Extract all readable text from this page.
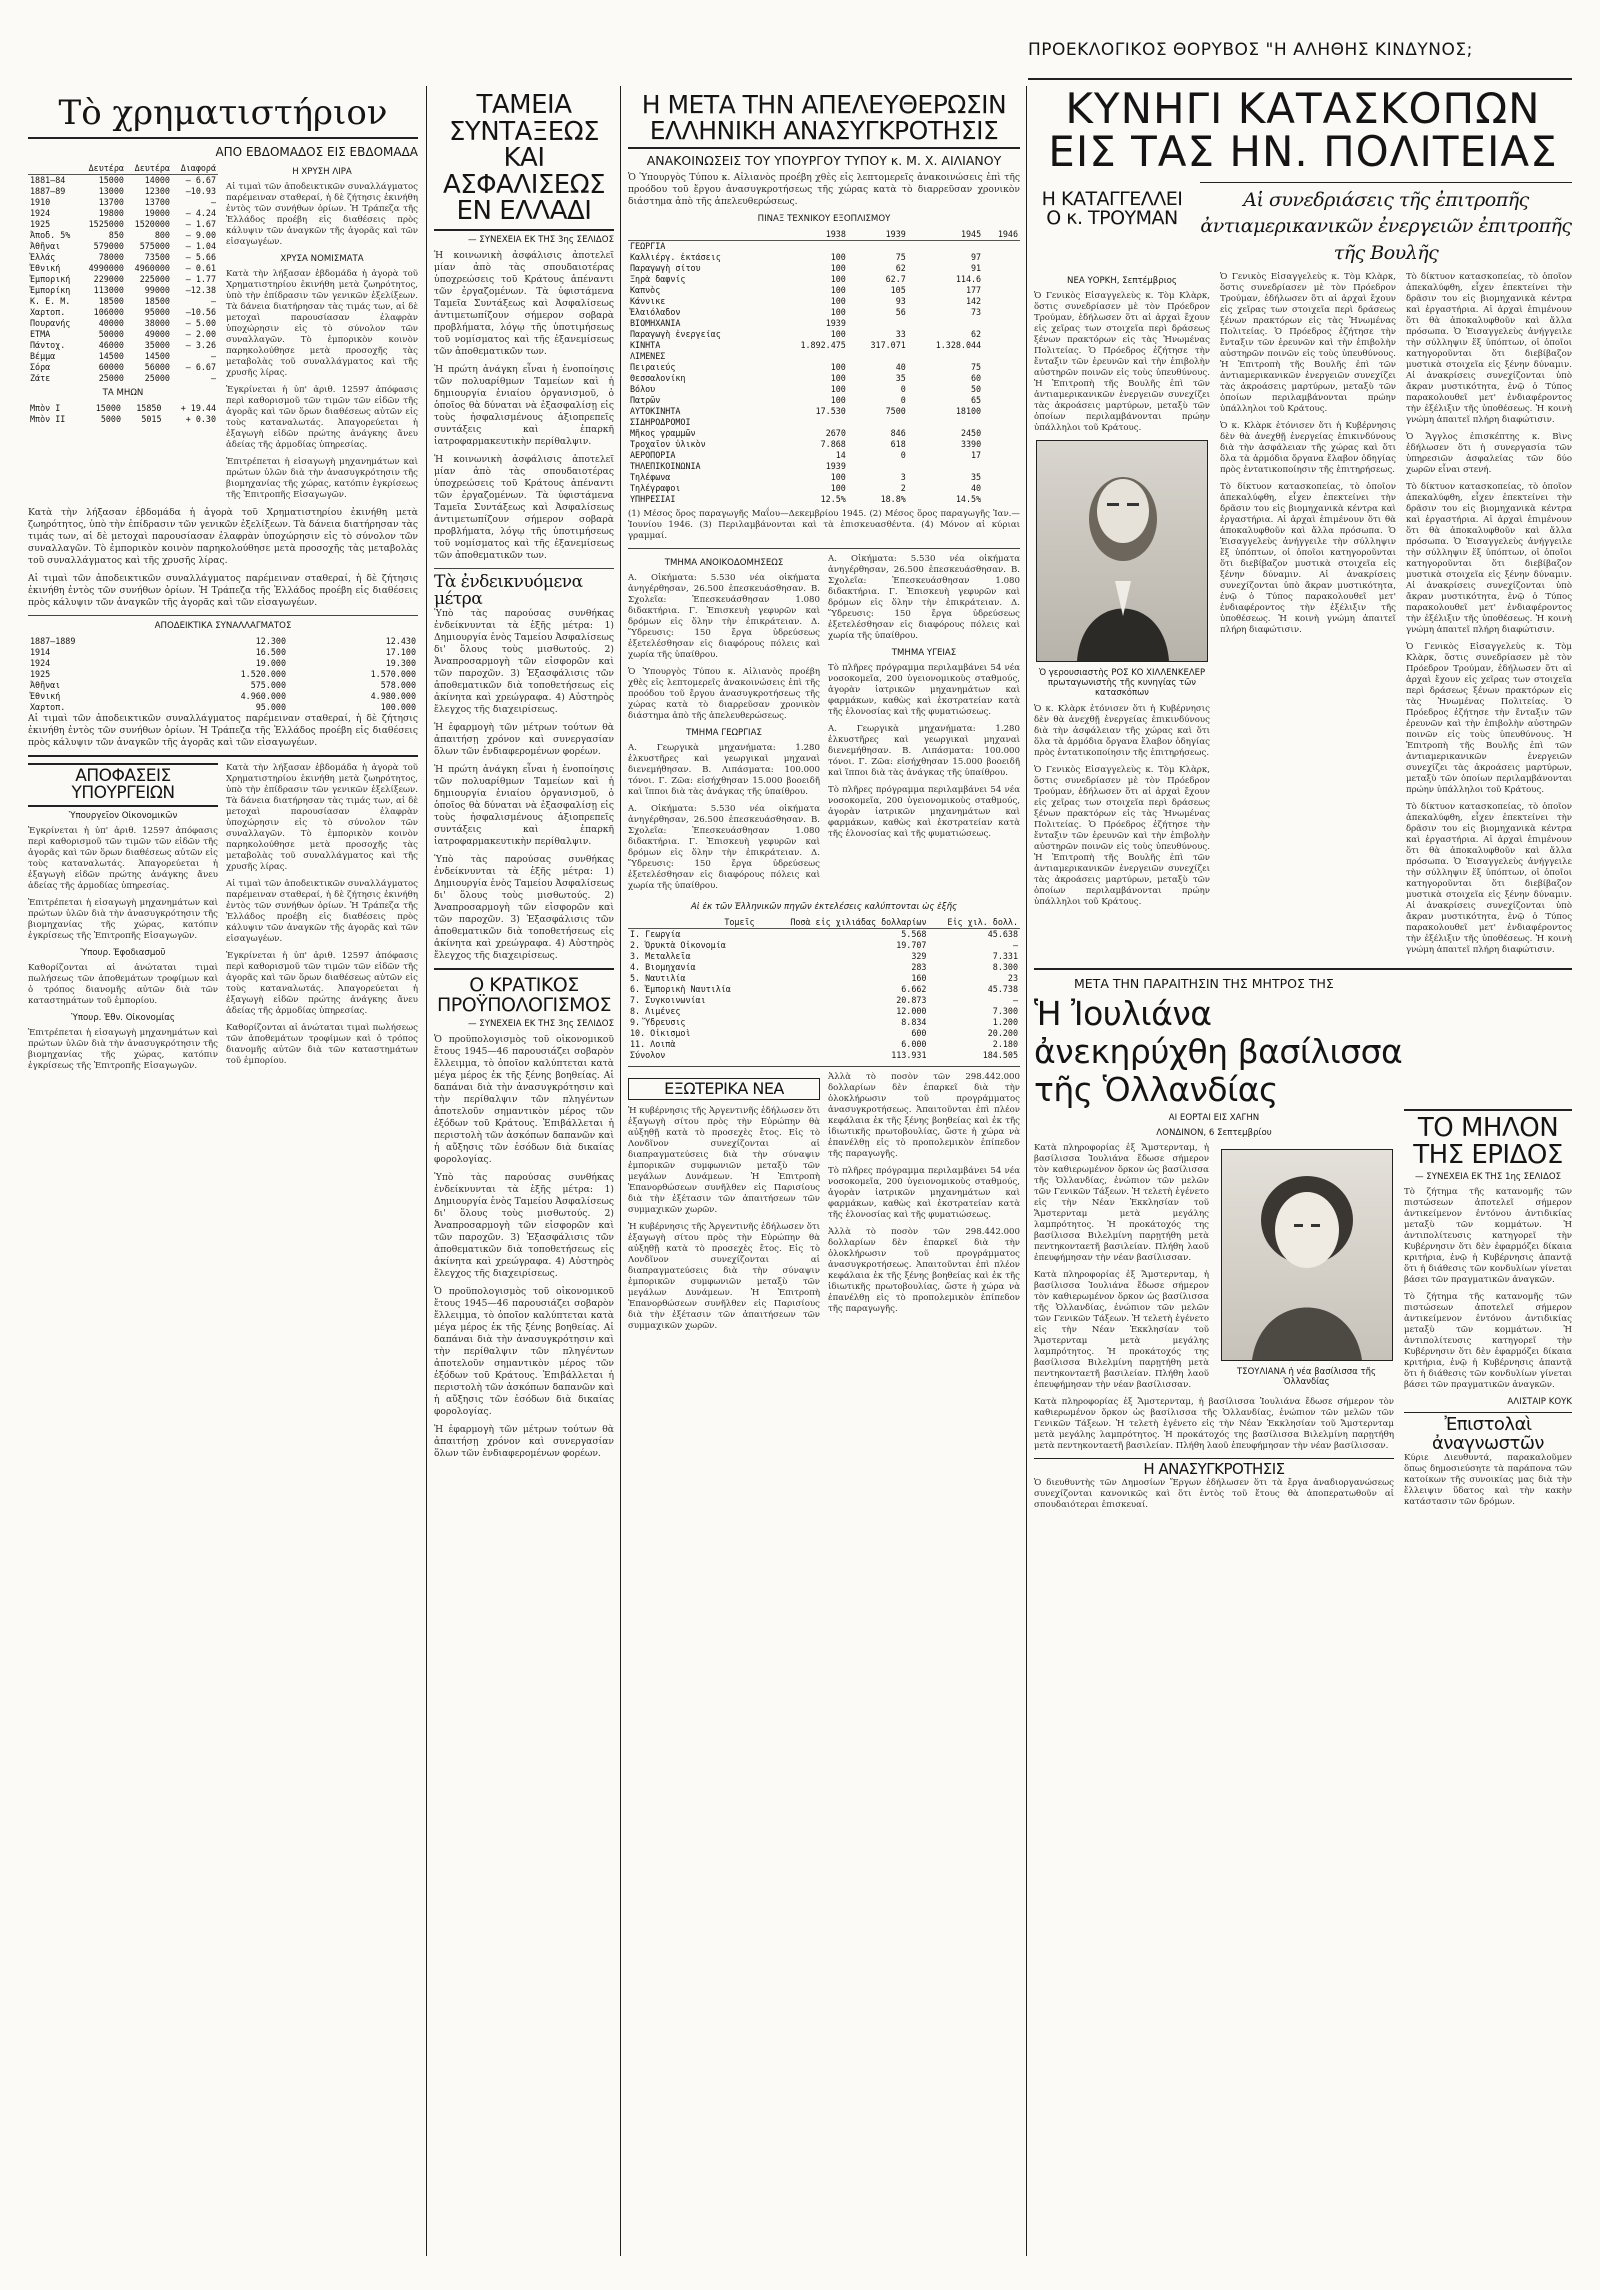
ΠΡΟΕΚΛΟΓΙΚΟΣ ΘΟΡΥΒΟΣ "Η ΑΛΗΘΗΣ ΚΙΝΔΥΝΟΣ;
Τὸ χρηματιστήριον
ΑΠΟ ΕΒΔΟΜΑΔΟΣ ΕΙΣ ΕΒΔΟΜΑΔΑ
	Δευτέρα	Δευτέρα	Διαφορά
1881—84	15000	14000	— 6.67
1887—89	13000	12300	—10.93
1910	13700	13700	—
1924	19800	19000	— 4.24
1925	1525000	1520000	— 1.67
Ἀποδ. 5%	850	800	— 9.00
Ἀθῆναι	579000	575000	— 1.04
Ἑλλάς	78000	73500	— 5.66
Ἐθνική	4990000	4960000	— 0.61
Ἐμπορική	229000	225000	— 1.77
Ἐμπορίκη	113000	99000	—12.38
Κ. Ε. Μ.	18500	18500	—
Χαρτοπ.	106000	95000	—10.56
Πουρανής	40000	38000	— 5.00
ΕΤΜΑ	50000	49000	— 2.00
Πάντοχ.	46000	35000	— 3.26
Βέμμα	14500	14500	—
Σόρα	60000	56000	— 6.67
Ζάτε	25000	25000	—
ΤΑ ΜΗΩΝ
Μπὸν Ι	15000	15850	+ 19.44
Μπὸν ΙΙ	5000	5015	+ 0.30
Η ΧΡΥΣΗ ΛΙΡΑ

Αἱ τιμαὶ τῶν ἀποδεικτικῶν συναλλάγματος παρέμειναν σταθεραί, ἡ δὲ ζήτησις ἐκινήθη ἐντὸς τῶν συνήθων ὁρίων. Ἡ Τράπεζα τῆς Ἑλλάδος προέβη εἰς διαθέσεις πρὸς κάλυψιν τῶν ἀναγκῶν τῆς ἀγορᾶς καὶ τῶν εἰσαγωγέων.

ΧΡΥΣΑ ΝΟΜΙΣΜΑΤΑ

Κατὰ τὴν λήξασαν ἑβδομάδα ἡ ἀγορὰ τοῦ Χρηματιστηρίου ἐκινήθη μετὰ ζωηρότητος, ὑπὸ τὴν ἐπίδρασιν τῶν γενικῶν ἐξελίξεων. Τὰ δάνεια διατήρησαν τὰς τιμάς των, αἱ δὲ μετοχαὶ παρουσίασαν ἐλαφρὰν ὑποχώρησιν εἰς τὸ σύνολον τῶν συναλλαγῶν. Τὸ ἐμπορικὸν κοινὸν παρηκολούθησε μετὰ προσοχῆς τὰς μεταβολὰς τοῦ συναλλάγματος καὶ τῆς χρυσῆς λίρας.

Ἐγκρίνεται ἡ ὑπ' ἀριθ. 12597 ἀπόφασις περὶ καθορισμοῦ τῶν τιμῶν τῶν εἰδῶν τῆς ἀγορᾶς καὶ τῶν ὅρων διαθέσεως αὐτῶν εἰς τοὺς καταναλωτάς. Ἀπαγορεύεται ἡ ἐξαγωγὴ εἰδῶν πρώτης ἀνάγκης ἄνευ ἀδείας τῆς ἁρμοδίας ὑπηρεσίας.

Ἐπιτρέπεται ἡ εἰσαγωγὴ μηχανημάτων καὶ πρώτων ὑλῶν διὰ τὴν ἀνασυγκρότησιν τῆς βιομηχανίας τῆς χώρας, κατόπιν ἐγκρίσεως τῆς Ἐπιτροπῆς Εἰσαγωγῶν.

Κατὰ τὴν λήξασαν ἑβδομάδα ἡ ἀγορὰ τοῦ Χρηματιστηρίου ἐκινήθη μετὰ ζωηρότητος, ὑπὸ τὴν ἐπίδρασιν τῶν γενικῶν ἐξελίξεων. Τὰ δάνεια διατήρησαν τὰς τιμάς των, αἱ δὲ μετοχαὶ παρουσίασαν ἐλαφρὰν ὑποχώρησιν εἰς τὸ σύνολον τῶν συναλλαγῶν. Τὸ ἐμπορικὸν κοινὸν παρηκολούθησε μετὰ προσοχῆς τὰς μεταβολὰς τοῦ συναλλάγματος καὶ τῆς χρυσῆς λίρας.

Αἱ τιμαὶ τῶν ἀποδεικτικῶν συναλλάγματος παρέμειναν σταθεραί, ἡ δὲ ζήτησις ἐκινήθη ἐντὸς τῶν συνήθων ὁρίων. Ἡ Τράπεζα τῆς Ἑλλάδος προέβη εἰς διαθέσεις πρὸς κάλυψιν τῶν ἀναγκῶν τῆς ἀγορᾶς καὶ τῶν εἰσαγωγέων.

ΑΠΟΔΕΙΚΤΙΚΑ ΣΥΝΑΛΛΑΓΜΑΤΟΣ
1887—1889	12.300	12.430
1914	16.500	17.100
1924	19.000	19.300
1925	1.520.000	1.570.000
Ἀθῆναι	575.000	578.000
Ἐθνική	4.960.000	4.980.000
Χαρτοπ.	95.000	100.000

Αἱ τιμαὶ τῶν ἀποδεικτικῶν συναλλάγματος παρέμειναν σταθεραί, ἡ δὲ ζήτησις ἐκινήθη ἐντὸς τῶν συνήθων ὁρίων. Ἡ Τράπεζα τῆς Ἑλλάδος προέβη εἰς διαθέσεις πρὸς κάλυψιν τῶν ἀναγκῶν τῆς ἀγορᾶς καὶ τῶν εἰσαγωγέων.

ΑΠΟΦΑΣΕΙΣ ΥΠΟΥΡΓΕΙΩΝ
Ὑπουργεῖον Οἰκονομικῶν

Ἐγκρίνεται ἡ ὑπ' ἀριθ. 12597 ἀπόφασις περὶ καθορισμοῦ τῶν τιμῶν τῶν εἰδῶν τῆς ἀγορᾶς καὶ τῶν ὅρων διαθέσεως αὐτῶν εἰς τοὺς καταναλωτάς. Ἀπαγορεύεται ἡ ἐξαγωγὴ εἰδῶν πρώτης ἀνάγκης ἄνευ ἀδείας τῆς ἁρμοδίας ὑπηρεσίας.

Ἐπιτρέπεται ἡ εἰσαγωγὴ μηχανημάτων καὶ πρώτων ὑλῶν διὰ τὴν ἀνασυγκρότησιν τῆς βιομηχανίας τῆς χώρας, κατόπιν ἐγκρίσεως τῆς Ἐπιτροπῆς Εἰσαγωγῶν.

Ὑπουρ. Ἐφοδιασμοῦ

Καθορίζονται αἱ ἀνώταται τιμαὶ πωλήσεως τῶν ἀποθεμάτων τροφίμων καὶ ὁ τρόπος διανομῆς αὐτῶν διὰ τῶν καταστημάτων τοῦ ἐμπορίου.

Ὑπουρ. Ἐθν. Οἰκονομίας

Ἐπιτρέπεται ἡ εἰσαγωγὴ μηχανημάτων καὶ πρώτων ὑλῶν διὰ τὴν ἀνασυγκρότησιν τῆς βιομηχανίας τῆς χώρας, κατόπιν ἐγκρίσεως τῆς Ἐπιτροπῆς Εἰσαγωγῶν.

Κατὰ τὴν λήξασαν ἑβδομάδα ἡ ἀγορὰ τοῦ Χρηματιστηρίου ἐκινήθη μετὰ ζωηρότητος, ὑπὸ τὴν ἐπίδρασιν τῶν γενικῶν ἐξελίξεων. Τὰ δάνεια διατήρησαν τὰς τιμάς των, αἱ δὲ μετοχαὶ παρουσίασαν ἐλαφρὰν ὑποχώρησιν εἰς τὸ σύνολον τῶν συναλλαγῶν. Τὸ ἐμπορικὸν κοινὸν παρηκολούθησε μετὰ προσοχῆς τὰς μεταβολὰς τοῦ συναλλάγματος καὶ τῆς χρυσῆς λίρας.

Αἱ τιμαὶ τῶν ἀποδεικτικῶν συναλλάγματος παρέμειναν σταθεραί, ἡ δὲ ζήτησις ἐκινήθη ἐντὸς τῶν συνήθων ὁρίων. Ἡ Τράπεζα τῆς Ἑλλάδος προέβη εἰς διαθέσεις πρὸς κάλυψιν τῶν ἀναγκῶν τῆς ἀγορᾶς καὶ τῶν εἰσαγωγέων.

Ἐγκρίνεται ἡ ὑπ' ἀριθ. 12597 ἀπόφασις περὶ καθορισμοῦ τῶν τιμῶν τῶν εἰδῶν τῆς ἀγορᾶς καὶ τῶν ὅρων διαθέσεως αὐτῶν εἰς τοὺς καταναλωτάς. Ἀπαγορεύεται ἡ ἐξαγωγὴ εἰδῶν πρώτης ἀνάγκης ἄνευ ἀδείας τῆς ἁρμοδίας ὑπηρεσίας.

Καθορίζονται αἱ ἀνώταται τιμαὶ πωλήσεως τῶν ἀποθεμάτων τροφίμων καὶ ὁ τρόπος διανομῆς αὐτῶν διὰ τῶν καταστημάτων τοῦ ἐμπορίου.

ΤΑΜΕΙΑ ΣΥΝΤΑΞΕΩΣ ΚΑΙ ΑΣΦΑΛΙΣΕΩΣ ΕΝ ΕΛΛΑΔΙ
— ΣΥΝΕΧΕΙΑ ΕΚ ΤΗΣ 3ης ΣΕΛΙΔΟΣ

Ἡ κοινωνικὴ ἀσφάλισις ἀποτελεῖ μίαν ἀπὸ τὰς σπουδαιοτέρας ὑποχρεώσεις τοῦ Κράτους ἀπέναντι τῶν ἐργαζομένων. Τὰ ὑφιστάμενα Ταμεῖα Συντάξεως καὶ Ἀσφαλίσεως ἀντιμετωπίζουν σήμερον σοβαρὰ προβλήματα, λόγῳ τῆς ὑποτιμήσεως τοῦ νομίσματος καὶ τῆς ἐξανεμίσεως τῶν ἀποθεματικῶν των.

Ἡ πρώτη ἀνάγκη εἶναι ἡ ἐνοποίησις τῶν πολυαρίθμων Ταμείων καὶ ἡ δημιουργία ἑνιαίου ὀργανισμοῦ, ὁ ὁποῖος θὰ δύναται νὰ ἐξασφαλίσῃ εἰς τοὺς ἠσφαλισμένους ἀξιοπρεπεῖς συντάξεις καὶ ἐπαρκῆ ἰατροφαρμακευτικὴν περίθαλψιν.

Ἡ κοινωνικὴ ἀσφάλισις ἀποτελεῖ μίαν ἀπὸ τὰς σπουδαιοτέρας ὑποχρεώσεις τοῦ Κράτους ἀπέναντι τῶν ἐργαζομένων. Τὰ ὑφιστάμενα Ταμεῖα Συντάξεως καὶ Ἀσφαλίσεως ἀντιμετωπίζουν σήμερον σοβαρὰ προβλήματα, λόγῳ τῆς ὑποτιμήσεως τοῦ νομίσματος καὶ τῆς ἐξανεμίσεως τῶν ἀποθεματικῶν των.

Τὰ ἐνδεικνυόμενα μέτρα

Ὑπὸ τὰς παρούσας συνθήκας ἐνδείκνυνται τὰ ἑξῆς μέτρα: 1) Δημιουργία ἑνὸς Ταμείου Ἀσφαλίσεως δι' ὅλους τοὺς μισθωτούς. 2) Ἀναπροσαρμογὴ τῶν εἰσφορῶν καὶ τῶν παροχῶν. 3) Ἐξασφάλισις τῶν ἀποθεματικῶν διὰ τοποθετήσεως εἰς ἀκίνητα καὶ χρεώγραφα. 4) Αὐστηρὸς ἔλεγχος τῆς διαχειρίσεως.

Ἡ ἐφαρμογὴ τῶν μέτρων τούτων θὰ ἀπαιτήσῃ χρόνον καὶ συνεργασίαν ὅλων τῶν ἐνδιαφερομένων φορέων.

Ἡ πρώτη ἀνάγκη εἶναι ἡ ἐνοποίησις τῶν πολυαρίθμων Ταμείων καὶ ἡ δημιουργία ἑνιαίου ὀργανισμοῦ, ὁ ὁποῖος θὰ δύναται νὰ ἐξασφαλίσῃ εἰς τοὺς ἠσφαλισμένους ἀξιοπρεπεῖς συντάξεις καὶ ἐπαρκῆ ἰατροφαρμακευτικὴν περίθαλψιν.

Ὑπὸ τὰς παρούσας συνθήκας ἐνδείκνυνται τὰ ἑξῆς μέτρα: 1) Δημιουργία ἑνὸς Ταμείου Ἀσφαλίσεως δι' ὅλους τοὺς μισθωτούς. 2) Ἀναπροσαρμογὴ τῶν εἰσφορῶν καὶ τῶν παροχῶν. 3) Ἐξασφάλισις τῶν ἀποθεματικῶν διὰ τοποθετήσεως εἰς ἀκίνητα καὶ χρεώγραφα. 4) Αὐστηρὸς ἔλεγχος τῆς διαχειρίσεως.

Ο ΚΡΑΤΙΚΟΣ ΠΡΟΫΠΟΛΟΓΙΣΜΟΣ
— ΣΥΝΕΧΕΙΑ ΕΚ ΤΗΣ 3ης ΣΕΛΙΔΟΣ

Ὁ προϋπολογισμὸς τοῦ οἰκονομικοῦ ἔτους 1945—46 παρουσιάζει σοβαρὸν ἔλλειμμα, τὸ ὁποῖον καλύπτεται κατὰ μέγα μέρος ἐκ τῆς ξένης βοηθείας. Αἱ δαπάναι διὰ τὴν ἀνασυγκρότησιν καὶ τὴν περίθαλψιν τῶν πληγέντων ἀποτελοῦν σημαντικὸν μέρος τῶν ἐξόδων τοῦ Κράτους. Ἐπιβάλλεται ἡ περιστολὴ τῶν ἀσκόπων δαπανῶν καὶ ἡ αὔξησις τῶν ἐσόδων διὰ δικαίας φορολογίας.

Ὑπὸ τὰς παρούσας συνθήκας ἐνδείκνυνται τὰ ἑξῆς μέτρα: 1) Δημιουργία ἑνὸς Ταμείου Ἀσφαλίσεως δι' ὅλους τοὺς μισθωτούς. 2) Ἀναπροσαρμογὴ τῶν εἰσφορῶν καὶ τῶν παροχῶν. 3) Ἐξασφάλισις τῶν ἀποθεματικῶν διὰ τοποθετήσεως εἰς ἀκίνητα καὶ χρεώγραφα. 4) Αὐστηρὸς ἔλεγχος τῆς διαχειρίσεως.

Ὁ προϋπολογισμὸς τοῦ οἰκονομικοῦ ἔτους 1945—46 παρουσιάζει σοβαρὸν ἔλλειμμα, τὸ ὁποῖον καλύπτεται κατὰ μέγα μέρος ἐκ τῆς ξένης βοηθείας. Αἱ δαπάναι διὰ τὴν ἀνασυγκρότησιν καὶ τὴν περίθαλψιν τῶν πληγέντων ἀποτελοῦν σημαντικὸν μέρος τῶν ἐξόδων τοῦ Κράτους. Ἐπιβάλλεται ἡ περιστολὴ τῶν ἀσκόπων δαπανῶν καὶ ἡ αὔξησις τῶν ἐσόδων διὰ δικαίας φορολογίας.

Ἡ ἐφαρμογὴ τῶν μέτρων τούτων θὰ ἀπαιτήσῃ χρόνον καὶ συνεργασίαν ὅλων τῶν ἐνδιαφερομένων φορέων.

Η ΜΕΤΑ ΤΗΝ ΑΠΕΛΕΥΘΕΡΩΣΙΝ ΕΛΛΗΝΙΚΗ ΑΝΑΣΥΓΚΡΟΤΗΣΙΣ
ΑΝΑΚΟΙΝΩΣΕΙΣ ΤΟΥ ΥΠΟΥΡΓΟΥ ΤΥΠΟΥ κ. Μ. Χ. ΑΙΛΙΑΝΟΥ

Ὁ Ὑπουργὸς Τύπου κ. Αἰλιανὸς προέβη χθὲς εἰς λεπτομερεῖς ἀνακοινώσεις ἐπὶ τῆς προόδου τοῦ ἔργου ἀνασυγκροτήσεως τῆς χώρας κατὰ τὸ διαρρεῦσαν χρονικὸν διάστημα ἀπὸ τῆς ἀπελευθερώσεως.

ΠΙΝΑΞ ΤΕΧΝΙΚΟΥ ΕΞΟΠΛΙΣΜΟΥ
	1938	1939	1945	1946
ΓΕΩΡΓΙΑ				
Καλλιέργ. ἐκτάσεις	100	75	97	
Παραγωγὴ σίτου	100	62	91	
Ξηρὰ δαφνίς	100	62.7	114.6	
Καπνὸς	100	105	177	
Κάννικε	100	93	142	
Ἐλαιόλαδον	100	56	73	
ΒΙΟΜΗΧΑΝΙΑ	1939			
Παραγωγὴ ἐνεργείας	100	33	62	
ΚΙΝΗΤΑ	1.892.475	317.071	1.328.044	
ΛΙΜΕΝΕΣ				
Πειραιεύς	100	40	75	
Θεσσαλονίκη	100	35	60	
Βόλου	100	0	50	
Πατρῶν	100	0	65	
ΑΥΤΟΚΙΝΗΤΑ	17.530	7500	18100	
ΣΙΔΗΡΟΔΡΟΜΟΙ				
Μῆκος γραμμῶν	2670	846	2450	
Τροχαῖον ὑλικὸν	7.868	618	3390	
ΑΕΡΟΠΟΡΙΑ	14	0	17	
ΤΗΛΕΠΙΚΟΙΝΩΝΙΑ	1939			
Τηλέφωνα	100	3	35	
Τηλέγραφοι	100	2	40	
ΥΠΗΡΕΣΙΑΙ	12.5%	18.8%	14.5%	

(1) Μέσος ὅρος παραγωγῆς Μαΐου—Δεκεμβρίου 1945. (2) Μέσος ὅρος παραγωγῆς Ἰαν.—Ἰουνίου 1946. (3) Περιλαμβάνονται καὶ τὰ ἐπισκευασθέντα. (4) Μόνον αἱ κύριαι γραμμαί.

ΤΜΗΜΑ ΑΝΟΙΚΟΔΟΜΗΣΕΩΣ

Α. Οἰκήματα: 5.530 νέα οἰκήματα ἀνηγέρθησαν, 26.500 ἐπεσκευάσθησαν. Β. Σχολεῖα: Ἐπεσκευάσθησαν 1.080 διδακτήρια. Γ. Ἐπισκευὴ γεφυρῶν καὶ δρόμων εἰς ὅλην τὴν ἐπικράτειαν. Δ. Ὕδρευσις: 150 ἔργα ὑδρεύσεως ἐξετελέσθησαν εἰς διαφόρους πόλεις καὶ χωρία τῆς ὑπαίθρου.

Ὁ Ὑπουργὸς Τύπου κ. Αἰλιανὸς προέβη χθὲς εἰς λεπτομερεῖς ἀνακοινώσεις ἐπὶ τῆς προόδου τοῦ ἔργου ἀνασυγκροτήσεως τῆς χώρας κατὰ τὸ διαρρεῦσαν χρονικὸν διάστημα ἀπὸ τῆς ἀπελευθερώσεως.

ΤΜΗΜΑ ΓΕΩΡΓΙΑΣ

Α. Γεωργικὰ μηχανήματα: 1.280 ἐλκυστῆρες καὶ γεωργικαὶ μηχαναὶ διενεμήθησαν. Β. Λιπάσματα: 100.000 τόνοι. Γ. Ζῶα: εἰσήχθησαν 15.000 βοοειδῆ καὶ ἵπποι διὰ τὰς ἀνάγκας τῆς ὑπαίθρου.

Α. Οἰκήματα: 5.530 νέα οἰκήματα ἀνηγέρθησαν, 26.500 ἐπεσκευάσθησαν. Β. Σχολεῖα: Ἐπεσκευάσθησαν 1.080 διδακτήρια. Γ. Ἐπισκευὴ γεφυρῶν καὶ δρόμων εἰς ὅλην τὴν ἐπικράτειαν. Δ. Ὕδρευσις: 150 ἔργα ὑδρεύσεως ἐξετελέσθησαν εἰς διαφόρους πόλεις καὶ χωρία τῆς ὑπαίθρου.

Α. Οἰκήματα: 5.530 νέα οἰκήματα ἀνηγέρθησαν, 26.500 ἐπεσκευάσθησαν. Β. Σχολεῖα: Ἐπεσκευάσθησαν 1.080 διδακτήρια. Γ. Ἐπισκευὴ γεφυρῶν καὶ δρόμων εἰς ὅλην τὴν ἐπικράτειαν. Δ. Ὕδρευσις: 150 ἔργα ὑδρεύσεως ἐξετελέσθησαν εἰς διαφόρους πόλεις καὶ χωρία τῆς ὑπαίθρου.

ΤΜΗΜΑ ΥΓΕΙΑΣ

Τὸ πλῆρες πρόγραμμα περιλαμβάνει 54 νέα νοσοκομεῖα, 200 ὑγειονομικοὺς σταθμούς, ἀγορὰν ἰατρικῶν μηχανημάτων καὶ φαρμάκων, καθὼς καὶ ἐκστρατείαν κατὰ τῆς ἑλονοσίας καὶ τῆς φυματιώσεως.

Α. Γεωργικὰ μηχανήματα: 1.280 ἐλκυστῆρες καὶ γεωργικαὶ μηχαναὶ διενεμήθησαν. Β. Λιπάσματα: 100.000 τόνοι. Γ. Ζῶα: εἰσήχθησαν 15.000 βοοειδῆ καὶ ἵπποι διὰ τὰς ἀνάγκας τῆς ὑπαίθρου.

Τὸ πλῆρες πρόγραμμα περιλαμβάνει 54 νέα νοσοκομεῖα, 200 ὑγειονομικοὺς σταθμούς, ἀγορὰν ἰατρικῶν μηχανημάτων καὶ φαρμάκων, καθὼς καὶ ἐκστρατείαν κατὰ τῆς ἑλονοσίας καὶ τῆς φυματιώσεως.

Αἱ ἐκ τῶν Ἑλληνικῶν πηγῶν ἐκτελέσεις καλύπτονται ὡς ἑξῆς
Τομεῖς	Ποσὰ εἰς χιλιάδας δολλαρίων	Εἰς χιλ. δολλ.
Ι. Γεωργία	5.568	45.638
2. Ὁρυκτὰ Οἰκονομία	19.707	—
3. Μεταλλεῖα	329	7.331
4. Βιομηχανία	283	8.300
5. Ναυτιλία	160	23
6. Ἐμπορικὴ Ναυτιλία	6.662	45.738
7. Συγκοινωνίαι	20.873	—
8. Λιμένες	12.000	7.300
9. Ὕδρευσις	8.834	1.200
10. Οἰκισμοὶ	600	20.200
11. Λοιπὰ	6.000	2.180
Σύνολον	113.931	184.505
ΕΞΩΤΕΡΙΚΑ ΝΕΑ

Ἡ κυβέρνησις τῆς Ἀργεντινῆς ἐδήλωσεν ὅτι ἐξαγωγὴ σίτου πρὸς τὴν Εὐρώπην θὰ αὐξηθῇ κατὰ τὸ προσεχὲς ἔτος. Εἰς τὸ Λονδῖνον συνεχίζονται αἱ διαπραγματεύσεις διὰ τὴν σύναψιν ἐμπορικῶν συμφωνιῶν μεταξὺ τῶν μεγάλων Δυνάμεων. Ἡ Ἐπιτροπὴ Ἐπανορθώσεων συνῆλθεν εἰς Παρισίους διὰ τὴν ἐξέτασιν τῶν ἀπαιτήσεων τῶν συμμαχικῶν χωρῶν.

Ἡ κυβέρνησις τῆς Ἀργεντινῆς ἐδήλωσεν ὅτι ἐξαγωγὴ σίτου πρὸς τὴν Εὐρώπην θὰ αὐξηθῇ κατὰ τὸ προσεχὲς ἔτος. Εἰς τὸ Λονδῖνον συνεχίζονται αἱ διαπραγματεύσεις διὰ τὴν σύναψιν ἐμπορικῶν συμφωνιῶν μεταξὺ τῶν μεγάλων Δυνάμεων. Ἡ Ἐπιτροπὴ Ἐπανορθώσεων συνῆλθεν εἰς Παρισίους διὰ τὴν ἐξέτασιν τῶν ἀπαιτήσεων τῶν συμμαχικῶν χωρῶν.

Ἀλλὰ τὸ ποσὸν τῶν 298.442.000 δολλαρίων δὲν ἐπαρκεῖ διὰ τὴν ὁλοκλήρωσιν τοῦ προγράμματος ἀνασυγκροτήσεως. Ἀπαιτοῦνται ἐπὶ πλέον κεφάλαια ἐκ τῆς ξένης βοηθείας καὶ ἐκ τῆς ἰδιωτικῆς πρωτοβουλίας, ὥστε ἡ χώρα νὰ ἐπανέλθῃ εἰς τὸ προπολεμικὸν ἐπίπεδον τῆς παραγωγῆς.

Τὸ πλῆρες πρόγραμμα περιλαμβάνει 54 νέα νοσοκομεῖα, 200 ὑγειονομικοὺς σταθμούς, ἀγορὰν ἰατρικῶν μηχανημάτων καὶ φαρμάκων, καθὼς καὶ ἐκστρατείαν κατὰ τῆς ἑλονοσίας καὶ τῆς φυματιώσεως.

Ἀλλὰ τὸ ποσὸν τῶν 298.442.000 δολλαρίων δὲν ἐπαρκεῖ διὰ τὴν ὁλοκλήρωσιν τοῦ προγράμματος ἀνασυγκροτήσεως. Ἀπαιτοῦνται ἐπὶ πλέον κεφάλαια ἐκ τῆς ξένης βοηθείας καὶ ἐκ τῆς ἰδιωτικῆς πρωτοβουλίας, ὥστε ἡ χώρα νὰ ἐπανέλθῃ εἰς τὸ προπολεμικὸν ἐπίπεδον τῆς παραγωγῆς.

ΚΥΝΗΓΙ ΚΑΤΑΣΚΟΠΩΝ ΕΙΣ ΤΑΣ ΗΝ. ΠΟΛΙΤΕΙΑΣ
Η ΚΑΤΑΓΓΕΛΛΕΙ Ο κ. ΤΡΟΥΜΑΝ
Αἱ συνεδριάσεις τῆς ἐπιτροπῆς ἀντιαμερικανικῶν ἐνεργειῶν ἐπιτροπῆς τῆς Βουλῆς
ΝΕΑ ΥΟΡΚΗ, Σεπτέμβριος

Ὁ Γενικὸς Εἰσαγγελεὺς κ. Τὸμ Κλὰρκ, ὅστις συνεδρίασεν μὲ τὸν Πρόεδρον Τρούμαν, ἐδήλωσεν ὅτι αἱ ἀρχαὶ ἔχουν εἰς χεῖρας των στοιχεῖα περὶ δράσεως ξένων πρακτόρων εἰς τὰς Ἡνωμένας Πολιτείας. Ὁ Πρόεδρος ἐζήτησε τὴν ἔνταξιν τῶν ἐρευνῶν καὶ τὴν ἐπιβολὴν αὐστηρῶν ποινῶν εἰς τοὺς ὑπευθύνους. Ἡ Ἐπιτροπὴ τῆς Βουλῆς ἐπὶ τῶν ἀντιαμερικανικῶν ἐνεργειῶν συνεχίζει τὰς ἀκροάσεις μαρτύρων, μεταξὺ τῶν ὁποίων περιλαμβάνονται πρώην ὑπάλληλοι τοῦ Κράτους.

Ὁ γερουσιαστὴς ΡΟΣ ΚΟ ΧΙΛΛΕΝΚΕΛΕΡ πρωταγωνιστὴς τῆς κυνηγίας τῶν κατασκόπων

Ὁ κ. Κλὰρκ ἐτόνισεν ὅτι ἡ Κυβέρνησις δὲν θὰ ἀνεχθῇ ἐνεργείας ἐπικινδύνους διὰ τὴν ἀσφάλειαν τῆς χώρας καὶ ὅτι ὅλα τὰ ἁρμόδια ὄργανα ἔλαβον ὁδηγίας πρὸς ἐντατικοποίησιν τῆς ἐπιτηρήσεως.

Ὁ Γενικὸς Εἰσαγγελεὺς κ. Τὸμ Κλὰρκ, ὅστις συνεδρίασεν μὲ τὸν Πρόεδρον Τρούμαν, ἐδήλωσεν ὅτι αἱ ἀρχαὶ ἔχουν εἰς χεῖρας των στοιχεῖα περὶ δράσεως ξένων πρακτόρων εἰς τὰς Ἡνωμένας Πολιτείας. Ὁ Πρόεδρος ἐζήτησε τὴν ἔνταξιν τῶν ἐρευνῶν καὶ τὴν ἐπιβολὴν αὐστηρῶν ποινῶν εἰς τοὺς ὑπευθύνους. Ἡ Ἐπιτροπὴ τῆς Βουλῆς ἐπὶ τῶν ἀντιαμερικανικῶν ἐνεργειῶν συνεχίζει τὰς ἀκροάσεις μαρτύρων, μεταξὺ τῶν ὁποίων περιλαμβάνονται πρώην ὑπάλληλοι τοῦ Κράτους.

Ὁ Γενικὸς Εἰσαγγελεὺς κ. Τὸμ Κλὰρκ, ὅστις συνεδρίασεν μὲ τὸν Πρόεδρον Τρούμαν, ἐδήλωσεν ὅτι αἱ ἀρχαὶ ἔχουν εἰς χεῖρας των στοιχεῖα περὶ δράσεως ξένων πρακτόρων εἰς τὰς Ἡνωμένας Πολιτείας. Ὁ Πρόεδρος ἐζήτησε τὴν ἔνταξιν τῶν ἐρευνῶν καὶ τὴν ἐπιβολὴν αὐστηρῶν ποινῶν εἰς τοὺς ὑπευθύνους. Ἡ Ἐπιτροπὴ τῆς Βουλῆς ἐπὶ τῶν ἀντιαμερικανικῶν ἐνεργειῶν συνεχίζει τὰς ἀκροάσεις μαρτύρων, μεταξὺ τῶν ὁποίων περιλαμβάνονται πρώην ὑπάλληλοι τοῦ Κράτους.

Ὁ κ. Κλὰρκ ἐτόνισεν ὅτι ἡ Κυβέρνησις δὲν θὰ ἀνεχθῇ ἐνεργείας ἐπικινδύνους διὰ τὴν ἀσφάλειαν τῆς χώρας καὶ ὅτι ὅλα τὰ ἁρμόδια ὄργανα ἔλαβον ὁδηγίας πρὸς ἐντατικοποίησιν τῆς ἐπιτηρήσεως.

Τὸ δίκτυον κατασκοπείας, τὸ ὁποῖον ἀπεκαλύφθη, εἶχεν ἐπεκτείνει τὴν δρᾶσιν του εἰς βιομηχανικὰ κέντρα καὶ ἐργαστήρια. Αἱ ἀρχαὶ ἐπιμένουν ὅτι θὰ ἀποκαλυφθοῦν καὶ ἄλλα πρόσωπα. Ὁ Ἐισαγγελεὺς ἀνήγγειλε τὴν σύλληψιν ἕξ ὑπόπτων, οἱ ὁποῖοι κατηγοροῦνται ὅτι διεβίβαζον μυστικὰ στοιχεῖα εἰς ξένην δύναμιν. Αἱ ἀνακρίσεις συνεχίζονται ὑπὸ ἄκραν μυστικότητα, ἐνῷ ὁ Τύπος παρακολουθεῖ μετ' ἐνδιαφέροντος τὴν ἐξέλιξιν τῆς ὑποθέσεως. Ἡ κοινὴ γνώμη ἀπαιτεῖ πλήρη διαφώτισιν.

Τὸ δίκτυον κατασκοπείας, τὸ ὁποῖον ἀπεκαλύφθη, εἶχεν ἐπεκτείνει τὴν δρᾶσιν του εἰς βιομηχανικὰ κέντρα καὶ ἐργαστήρια. Αἱ ἀρχαὶ ἐπιμένουν ὅτι θὰ ἀποκαλυφθοῦν καὶ ἄλλα πρόσωπα. Ὁ Ἐισαγγελεὺς ἀνήγγειλε τὴν σύλληψιν ἕξ ὑπόπτων, οἱ ὁποῖοι κατηγοροῦνται ὅτι διεβίβαζον μυστικὰ στοιχεῖα εἰς ξένην δύναμιν. Αἱ ἀνακρίσεις συνεχίζονται ὑπὸ ἄκραν μυστικότητα, ἐνῷ ὁ Τύπος παρακολουθεῖ μετ' ἐνδιαφέροντος τὴν ἐξέλιξιν τῆς ὑποθέσεως. Ἡ κοινὴ γνώμη ἀπαιτεῖ πλήρη διαφώτισιν.

Ὁ Ἄγγλος ἐπισκέπτης κ. Βὶνς ἐδήλωσεν ὅτι ἡ συνεργασία τῶν ὑπηρεσιῶν ἀσφαλείας τῶν δύο χωρῶν εἶναι στενή.

Τὸ δίκτυον κατασκοπείας, τὸ ὁποῖον ἀπεκαλύφθη, εἶχεν ἐπεκτείνει τὴν δρᾶσιν του εἰς βιομηχανικὰ κέντρα καὶ ἐργαστήρια. Αἱ ἀρχαὶ ἐπιμένουν ὅτι θὰ ἀποκαλυφθοῦν καὶ ἄλλα πρόσωπα. Ὁ Ἐισαγγελεὺς ἀνήγγειλε τὴν σύλληψιν ἕξ ὑπόπτων, οἱ ὁποῖοι κατηγοροῦνται ὅτι διεβίβαζον μυστικὰ στοιχεῖα εἰς ξένην δύναμιν. Αἱ ἀνακρίσεις συνεχίζονται ὑπὸ ἄκραν μυστικότητα, ἐνῷ ὁ Τύπος παρακολουθεῖ μετ' ἐνδιαφέροντος τὴν ἐξέλιξιν τῆς ὑποθέσεως. Ἡ κοινὴ γνώμη ἀπαιτεῖ πλήρη διαφώτισιν.

Ὁ Γενικὸς Εἰσαγγελεὺς κ. Τὸμ Κλὰρκ, ὅστις συνεδρίασεν μὲ τὸν Πρόεδρον Τρούμαν, ἐδήλωσεν ὅτι αἱ ἀρχαὶ ἔχουν εἰς χεῖρας των στοιχεῖα περὶ δράσεως ξένων πρακτόρων εἰς τὰς Ἡνωμένας Πολιτείας. Ὁ Πρόεδρος ἐζήτησε τὴν ἔνταξιν τῶν ἐρευνῶν καὶ τὴν ἐπιβολὴν αὐστηρῶν ποινῶν εἰς τοὺς ὑπευθύνους. Ἡ Ἐπιτροπὴ τῆς Βουλῆς ἐπὶ τῶν ἀντιαμερικανικῶν ἐνεργειῶν συνεχίζει τὰς ἀκροάσεις μαρτύρων, μεταξὺ τῶν ὁποίων περιλαμβάνονται πρώην ὑπάλληλοι τοῦ Κράτους.

Τὸ δίκτυον κατασκοπείας, τὸ ὁποῖον ἀπεκαλύφθη, εἶχεν ἐπεκτείνει τὴν δρᾶσιν του εἰς βιομηχανικὰ κέντρα καὶ ἐργαστήρια. Αἱ ἀρχαὶ ἐπιμένουν ὅτι θὰ ἀποκαλυφθοῦν καὶ ἄλλα πρόσωπα. Ὁ Ἐισαγγελεὺς ἀνήγγειλε τὴν σύλληψιν ἕξ ὑπόπτων, οἱ ὁποῖοι κατηγοροῦνται ὅτι διεβίβαζον μυστικὰ στοιχεῖα εἰς ξένην δύναμιν. Αἱ ἀνακρίσεις συνεχίζονται ὑπὸ ἄκραν μυστικότητα, ἐνῷ ὁ Τύπος παρακολουθεῖ μετ' ἐνδιαφέροντος τὴν ἐξέλιξιν τῆς ὑποθέσεως. Ἡ κοινὴ γνώμη ἀπαιτεῖ πλήρη διαφώτισιν.

ΜΕΤΑ ΤΗΝ ΠΑΡΑΙΤΗΣΙΝ ΤΗΣ ΜΗΤΡΟΣ ΤΗΣ
Ἡ Ἰουλιάνα ἀνεκηρύχθη βασίλισσα τῆς Ὁλλανδίας
ΑΙ ΕΟΡΤΑΙ ΕΙΣ ΧΑΓΗΝ
ΛΟΝΔΙΝΟΝ, 6 Σεπτεμβρίου

Κατὰ πληροφορίας ἐξ Ἄμστερνταμ, ἡ βασίλισσα Ἰουλιάνα ἔδωσε σήμερον τὸν καθιερωμένον ὅρκον ὡς βασίλισσα τῆς Ὁλλανδίας, ἐνώπιον τῶν μελῶν τῶν Γενικῶν Τάξεων. Ἡ τελετὴ ἐγένετο εἰς τὴν Νέαν Ἐκκλησίαν τοῦ Ἄμστερνταμ μετὰ μεγάλης λαμπρότητος. Ἡ προκάτοχός της βασίλισσα Βιλελμίνη παρῃτήθη μετὰ πεντηκονταετῆ βασιλείαν. Πλήθη λαοῦ ἐπευφήμησαν τὴν νέαν βασίλισσαν.

Κατὰ πληροφορίας ἐξ Ἄμστερνταμ, ἡ βασίλισσα Ἰουλιάνα ἔδωσε σήμερον τὸν καθιερωμένον ὅρκον ὡς βασίλισσα τῆς Ὁλλανδίας, ἐνώπιον τῶν μελῶν τῶν Γενικῶν Τάξεων. Ἡ τελετὴ ἐγένετο εἰς τὴν Νέαν Ἐκκλησίαν τοῦ Ἄμστερνταμ μετὰ μεγάλης λαμπρότητος. Ἡ προκάτοχός της βασίλισσα Βιλελμίνη παρῃτήθη μετὰ πεντηκονταετῆ βασιλείαν. Πλήθη λαοῦ ἐπευφήμησαν τὴν νέαν βασίλισσαν.

ΤΣΟΥΛΙΑΝΑ ἡ νέα βασίλισσα τῆς Ὁλλανδίας

Κατὰ πληροφορίας ἐξ Ἄμστερνταμ, ἡ βασίλισσα Ἰουλιάνα ἔδωσε σήμερον τὸν καθιερωμένον ὅρκον ὡς βασίλισσα τῆς Ὁλλανδίας, ἐνώπιον τῶν μελῶν τῶν Γενικῶν Τάξεων. Ἡ τελετὴ ἐγένετο εἰς τὴν Νέαν Ἐκκλησίαν τοῦ Ἄμστερνταμ μετὰ μεγάλης λαμπρότητος. Ἡ προκάτοχός της βασίλισσα Βιλελμίνη παρῃτήθη μετὰ πεντηκονταετῆ βασιλείαν. Πλήθη λαοῦ ἐπευφήμησαν τὴν νέαν βασίλισσαν.

Η ΑΝΑΣΥΓΚΡΟΤΗΣΙΣ

Ὁ διευθυντὴς τῶν Δημοσίων Ἔργων ἐδήλωσεν ὅτι τὰ ἔργα ἀναδιοργανώσεως συνεχίζονται κανονικῶς καὶ ὅτι ἐντὸς τοῦ ἔτους θὰ ἀποπερατωθοῦν αἱ σπουδαιότεραι ἐπισκευαί.

ΤΟ ΜΗΛΟΝ ΤΗΣ ΕΡΙΔΟΣ
— ΣΥΝΕΧΕΙΑ ΕΚ ΤΗΣ 1ης ΣΕΛΙΔΟΣ

Τὸ ζήτημα τῆς κατανομῆς τῶν πιστώσεων ἀποτελεῖ σήμερον ἀντικείμενον ἐντόνου ἀντιδικίας μεταξὺ τῶν κομμάτων. Ἡ ἀντιπολίτευσις κατηγορεῖ τὴν Κυβέρνησιν ὅτι δὲν ἐφαρμόζει δίκαια κριτήρια, ἐνῷ ἡ Κυβέρνησις ἀπαντᾷ ὅτι ἡ διάθεσις τῶν κονδυλίων γίνεται βάσει τῶν πραγματικῶν ἀναγκῶν.

Τὸ ζήτημα τῆς κατανομῆς τῶν πιστώσεων ἀποτελεῖ σήμερον ἀντικείμενον ἐντόνου ἀντιδικίας μεταξὺ τῶν κομμάτων. Ἡ ἀντιπολίτευσις κατηγορεῖ τὴν Κυβέρνησιν ὅτι δὲν ἐφαρμόζει δίκαια κριτήρια, ἐνῷ ἡ Κυβέρνησις ἀπαντᾷ ὅτι ἡ διάθεσις τῶν κονδυλίων γίνεται βάσει τῶν πραγματικῶν ἀναγκῶν.

ΑΛΙΣΤΑΙΡ ΚΟΥΚ
Ἐπιστολαὶ ἀναγνωστῶν

Κύριε Διευθυντά, παρακαλοῦμεν ὅπως δημοσιεύσητε τὰ παράπονα τῶν κατοίκων τῆς συνοικίας μας διὰ τὴν ἔλλειψιν ὕδατος καὶ τὴν κακὴν κατάστασιν τῶν δρόμων.
